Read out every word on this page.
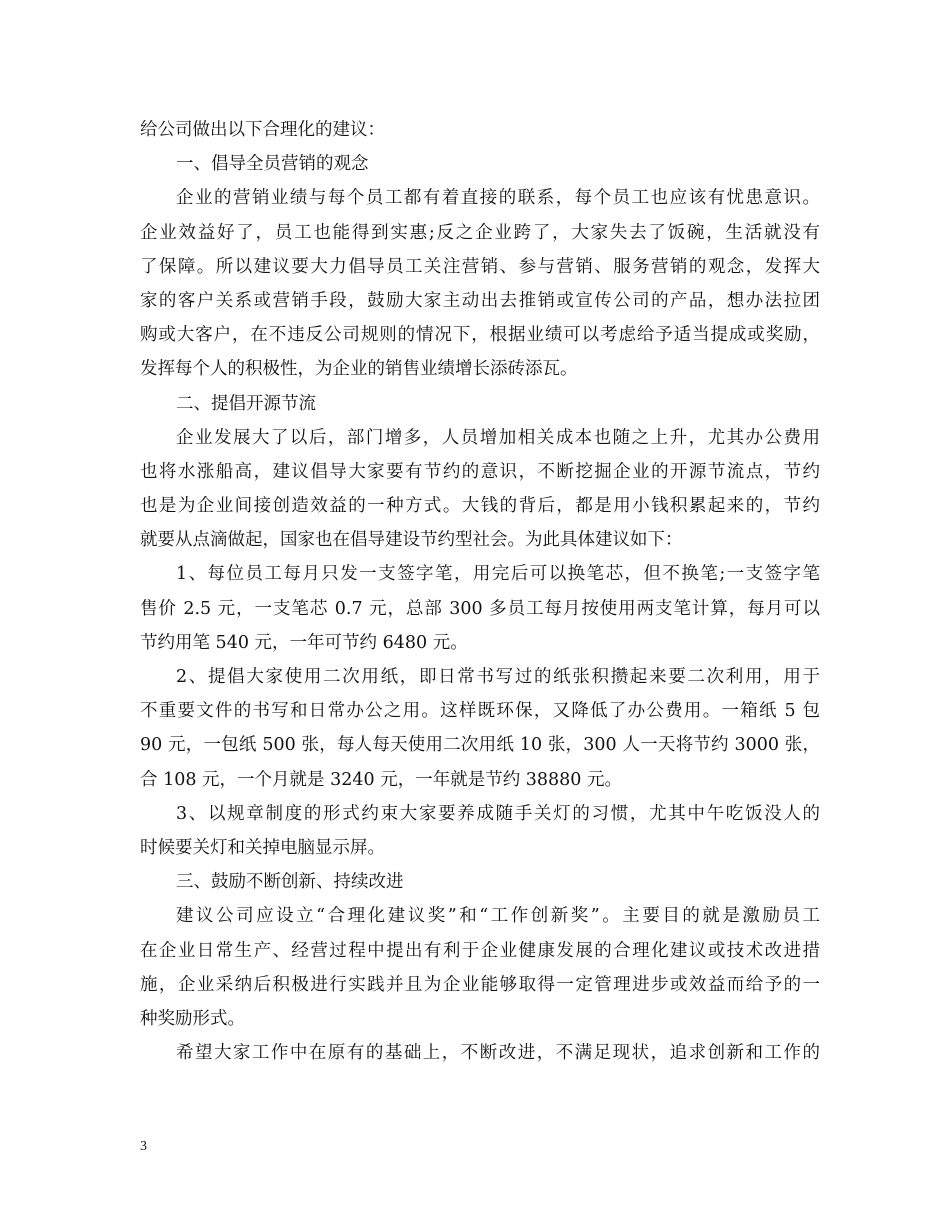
给公司做出以下合理化的建议：
一、倡导全员营销的观念
企业的营销业绩与每个员工都有着直接的联系，每个员工也应该有忧患意识。
企业效益好了，员工也能得到实惠;反之企业跨了，大家失去了饭碗，生活就没有
了保障。所以建议要大力倡导员工关注营销、参与营销、服务营销的观念，发挥大
家的客户关系或营销手段，鼓励大家主动出去推销或宣传公司的产品，想办法拉团
购或大客户，在不违反公司规则的情况下，根据业绩可以考虑给予适当提成或奖励，
发挥每个人的积极性，为企业的销售业绩增长添砖添瓦。
二、提倡开源节流
企业发展大了以后，部门增多，人员增加相关成本也随之上升，尤其办公费用
也将水涨船高，建议倡导大家要有节约的意识，不断挖掘企业的开源节流点，节约
也是为企业间接创造效益的一种方式。大钱的背后，都是用小钱积累起来的，节约
就要从点滴做起，国家也在倡导建设节约型社会。为此具体建议如下：
1、每位员工每月只发一支签字笔，用完后可以换笔芯，但不换笔;一支签字笔
售价 2.5 元，一支笔芯 0.7 元，总部 300 多员工每月按使用两支笔计算，每月可以
节约用笔 540 元，一年可节约 6480 元。
2、提倡大家使用二次用纸，即日常书写过的纸张积攒起来要二次利用，用于
不重要文件的书写和日常办公之用。这样既环保，又降低了办公费用。一箱纸 5 包
90 元，一包纸 500 张，每人每天使用二次用纸 10 张，300 人一天将节约 3000 张，
合 108 元，一个月就是 3240 元，一年就是节约 38880 元。
3、以规章制度的形式约束大家要养成随手关灯的习惯，尤其中午吃饭没人的
时候要关灯和关掉电脑显示屏。
三、鼓励不断创新、持续改进
建议公司应设立“合理化建议奖”和“工作创新奖”。主要目的就是激励员工
在企业日常生产、经营过程中提出有利于企业健康发展的合理化建议或技术改进措
施，企业采纳后积极进行实践并且为企业能够取得一定管理进步或效益而给予的一
种奖励形式。
希望大家工作中在原有的基础上，不断改进，不满足现状，追求创新和工作的
3
